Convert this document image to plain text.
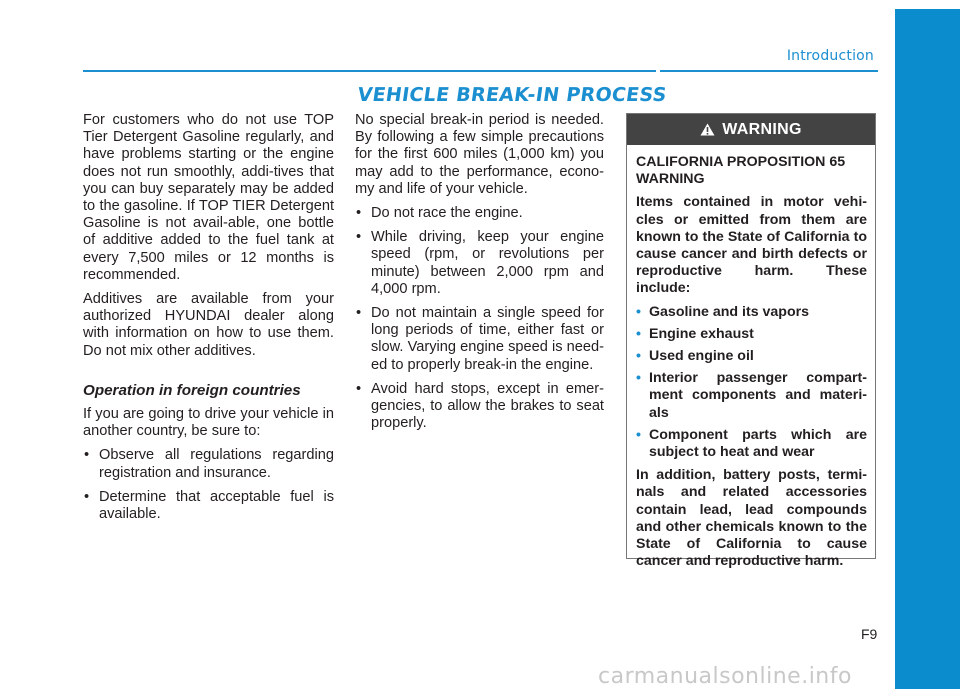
Introduction
VEHICLE BREAK-IN PROCESS

For customers who do not use TOP Tier Detergent Gasoline regularly, and have problems starting or the engine does not run smoothly, addi-tives that you can buy separately may be added to the gasoline. If TOP TIER Detergent Gasoline is not avail-able, one bottle of additive added to the fuel tank at every 7,500 miles or 12 months is recommended.

Additives are available from your authorized HYUNDAI dealer along with information on how to use them. Do not mix other additives.

Operation in foreign countries

If you are going to drive your vehicle in another country, be sure to:

• Observe all regulations regarding registration and insurance.
• Determine that acceptable fuel is available.

No special break-in period is needed. By following a few simple precautions for the first 600 miles (1,000 km) you may add to the performance, econo-my and life of your vehicle.

• Do not race the engine.
• While driving, keep your engine speed (rpm, or revolutions per minute) between 2,000 rpm and 4,000 rpm.
• Do not maintain a single speed for long periods of time, either fast or slow. Varying engine speed is need-ed to properly break-in the engine.
• Avoid hard stops, except in emer-gencies, to allow the brakes to seat properly.
WARNING

CALIFORNIA PROPOSITION 65 WARNING

Items contained in motor vehi-cles or emitted from them are known to the State of California to cause cancer and birth defects or reproductive harm. These include:

• Gasoline and its vapors
• Engine exhaust
• Used engine oil
• Interior passenger compart-ment components and materi-als
• Component parts which are subject to heat and wear

In addition, battery posts, termi-nals and related accessories contain lead, lead compounds and other chemicals known to the State of California to cause cancer and reproductive harm.

F9
carmanualsonline.info
